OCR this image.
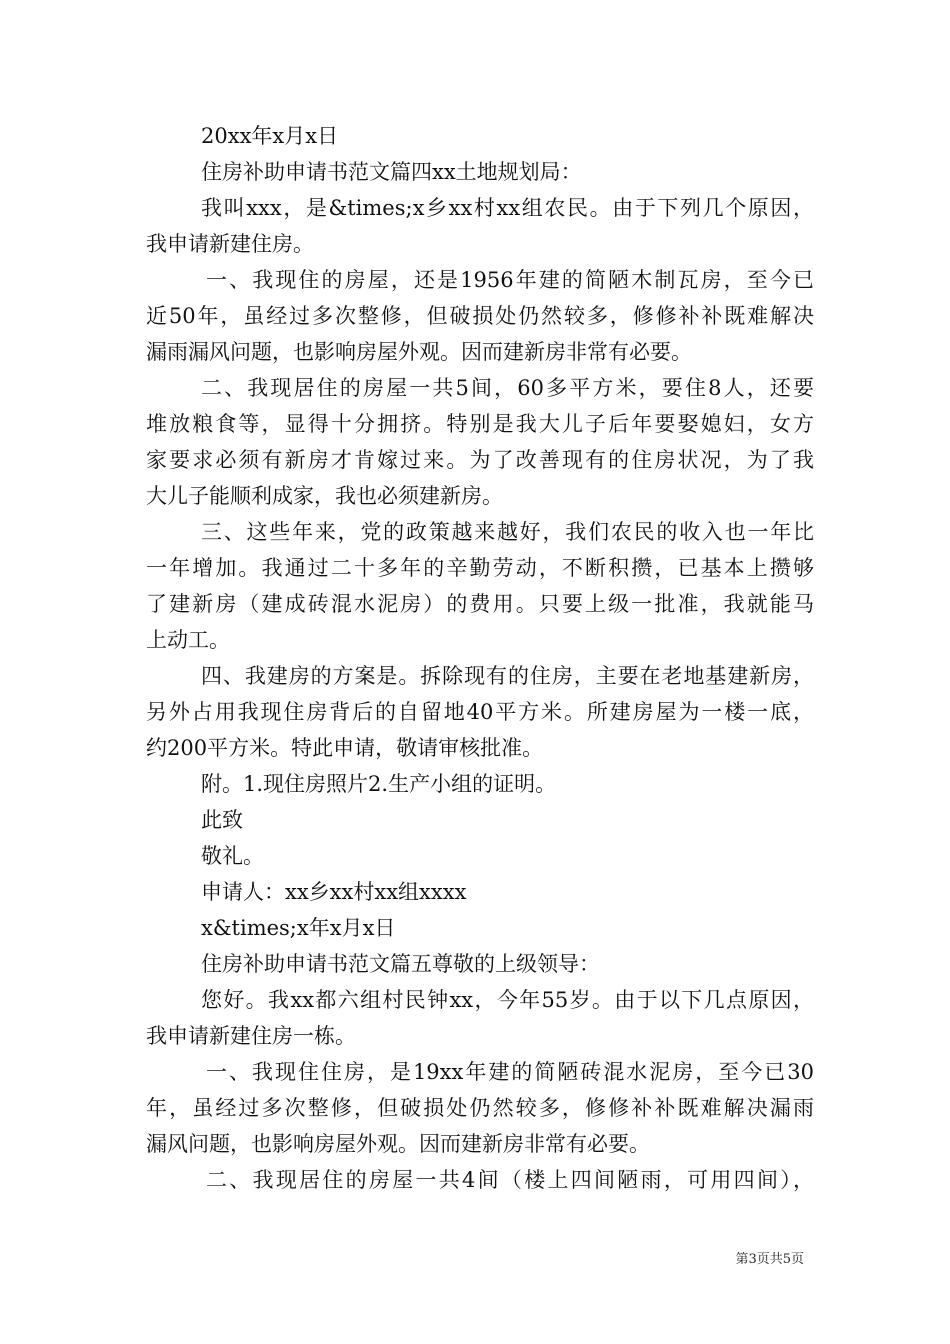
20xx年x月x日

住房补助申请书范文篇四xx土地规划局：

我叫xxx，是&times;x乡xx村xx组农民。由于下列几个原因，

我申请新建住房。

一、我现住的房屋，还是1956年建的简陋木制瓦房，至今已

近50年，虽经过多次整修，但破损处仍然较多，修修补补既难解决

漏雨漏风问题，也影响房屋外观。因而建新房非常有必要。

二、我现居住的房屋一共5间，60多平方米，要住8人，还要

堆放粮食等，显得十分拥挤。特别是我大儿子后年要娶媳妇，女方

家要求必须有新房才肯嫁过来。为了改善现有的住房状况，为了我

大儿子能顺利成家，我也必须建新房。

三、这些年来，党的政策越来越好，我们农民的收入也一年比

一年增加。我通过二十多年的辛勤劳动，不断积攒，已基本上攒够

了建新房（建成砖混水泥房）的费用。只要上级一批准，我就能马

上动工。

四、我建房的方案是。拆除现有的住房，主要在老地基建新房，

另外占用我现住房背后的自留地40平方米。所建房屋为一楼一底，

约200平方米。特此申请，敬请审核批准。

附。1.现住房照片2.生产小组的证明。

此致

敬礼。

申请人：xx乡xx村xx组xxxx

x&times;x年x月x日

住房补助申请书范文篇五尊敬的上级领导：

您好。我xx都六组村民钟xx，今年55岁。由于以下几点原因，

我申请新建住房一栋。

一、我现住住房，是19xx年建的简陋砖混水泥房，至今已30

年，虽经过多次整修，但破损处仍然较多，修修补补既难解决漏雨

漏风问题，也影响房屋外观。因而建新房非常有必要。

二、我现居住的房屋一共4间（楼上四间陋雨，可用四间），

第3页共5页
